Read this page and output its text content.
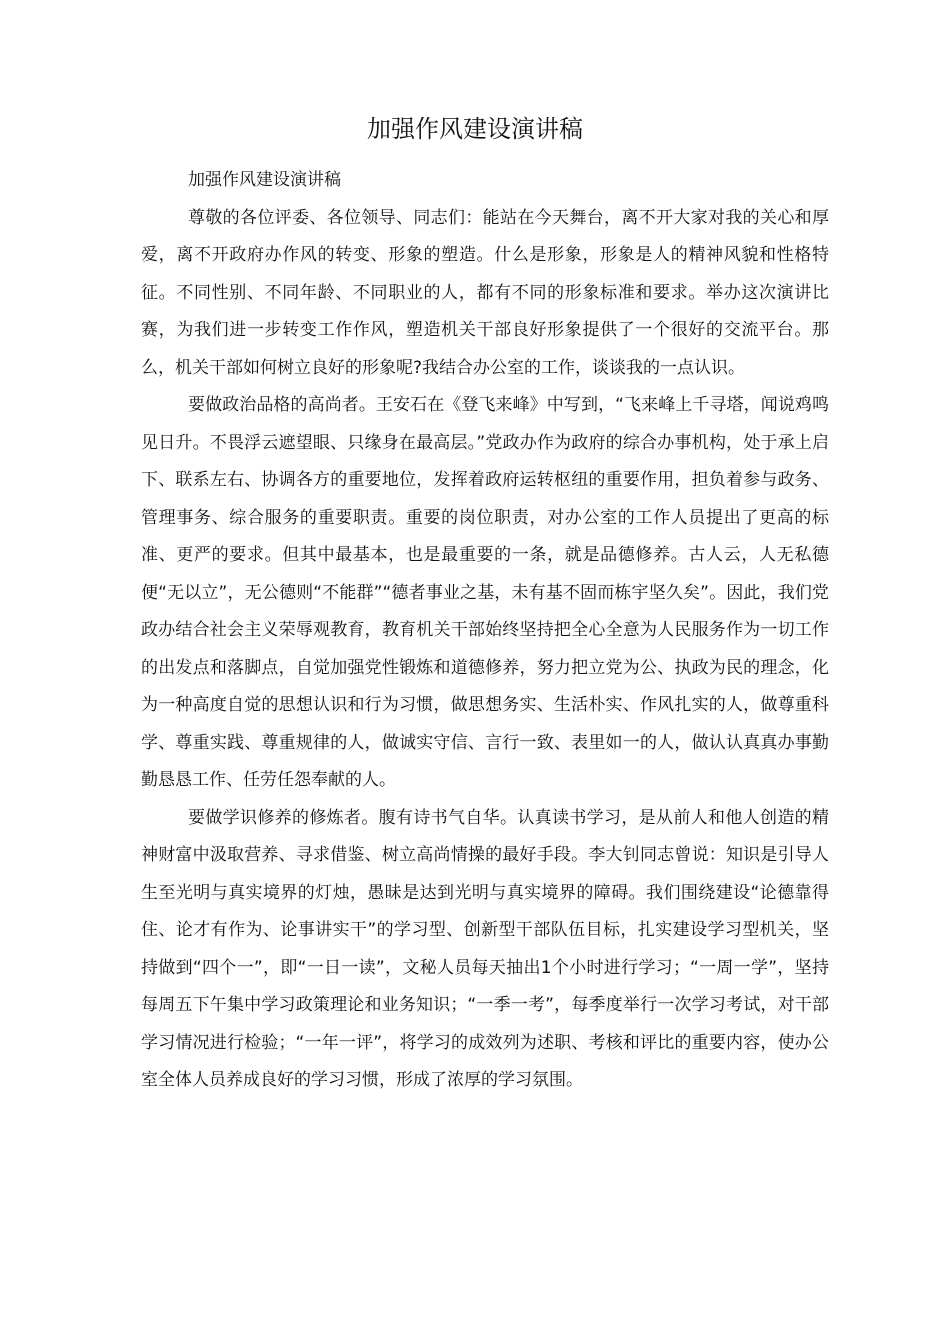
加强作风建设演讲稿

加强作风建设演讲稿

尊敬的各位评委、各位领导、同志们：能站在今天舞台，离不开大家对我的关心和厚爱，离不开政府办作风的转变、形象的塑造。什么是形象，形象是人的精神风貌和性格特征。不同性别、不同年龄、不同职业的人，都有不同的形象标准和要求。举办这次演讲比赛，为我们进一步转变工作作风，塑造机关干部良好形象提供了一个很好的交流平台。那么，机关干部如何树立良好的形象呢?我结合办公室的工作，谈谈我的一点认识。

要做政治品格的高尚者。王安石在《登飞来峰》中写到，“飞来峰上千寻塔，闻说鸡鸣见日升。不畏浮云遮望眼、只缘身在最高层。”党政办作为政府的综合办事机构，处于承上启下、联系左右、协调各方的重要地位，发挥着政府运转枢纽的重要作用，担负着参与政务、管理事务、综合服务的重要职责。重要的岗位职责，对办公室的工作人员提出了更高的标准、更严的要求。但其中最基本，也是最重要的一条，就是品德修养。古人云，人无私德便“无以立”，无公德则“不能群”“德者事业之基，未有基不固而栋宇坚久矣”。因此，我们党政办结合社会主义荣辱观教育，教育机关干部始终坚持把全心全意为人民服务作为一切工作的出发点和落脚点，自觉加强党性锻炼和道德修养，努力把立党为公、执政为民的理念，化为一种高度自觉的思想认识和行为习惯，做思想务实、生活朴实、作风扎实的人，做尊重科学、尊重实践、尊重规律的人，做诚实守信、言行一致、表里如一的人，做认认真真办事勤勤恳恳工作、任劳任怨奉献的人。

要做学识修养的修炼者。腹有诗书气自华。认真读书学习，是从前人和他人创造的精神财富中汲取营养、寻求借鉴、树立高尚情操的最好手段。李大钊同志曾说：知识是引导人生至光明与真实境界的灯烛，愚昧是达到光明与真实境界的障碍。我们围绕建设“论德靠得住、论才有作为、论事讲实干”的学习型、创新型干部队伍目标，扎实建设学习型机关，坚持做到“四个一”，即“一日一读”，文秘人员每天抽出1个小时进行学习；“一周一学”，坚持每周五下午集中学习政策理论和业务知识；“一季一考”，每季度举行一次学习考试，对干部学习情况进行检验；“一年一评”，将学习的成效列为述职、考核和评比的重要内容，使办公室全体人员养成良好的学习习惯，形成了浓厚的学习氛围。
